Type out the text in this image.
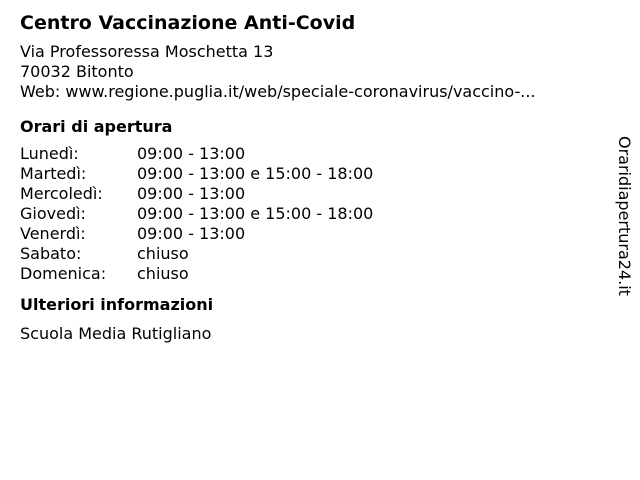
Centro Vaccinazione Anti-Covid
Via Professoressa Moschetta 13
70032 Bitonto
Web: www.regione.puglia.it/web/speciale-coronavirus/vaccino-...
Orari di apertura
Lunedì:	09:00 - 13:00
Martedì:	09:00 - 13:00 e 15:00 - 18:00
Mercoledì:	09:00 - 13:00
Giovedì:	09:00 - 13:00 e 15:00 - 18:00
Venerdì:	09:00 - 13:00
Sabato:	chiuso
Domenica:	chiuso
Ulteriori informazioni
Scuola Media Rutigliano
Oraridiapertura24.it
